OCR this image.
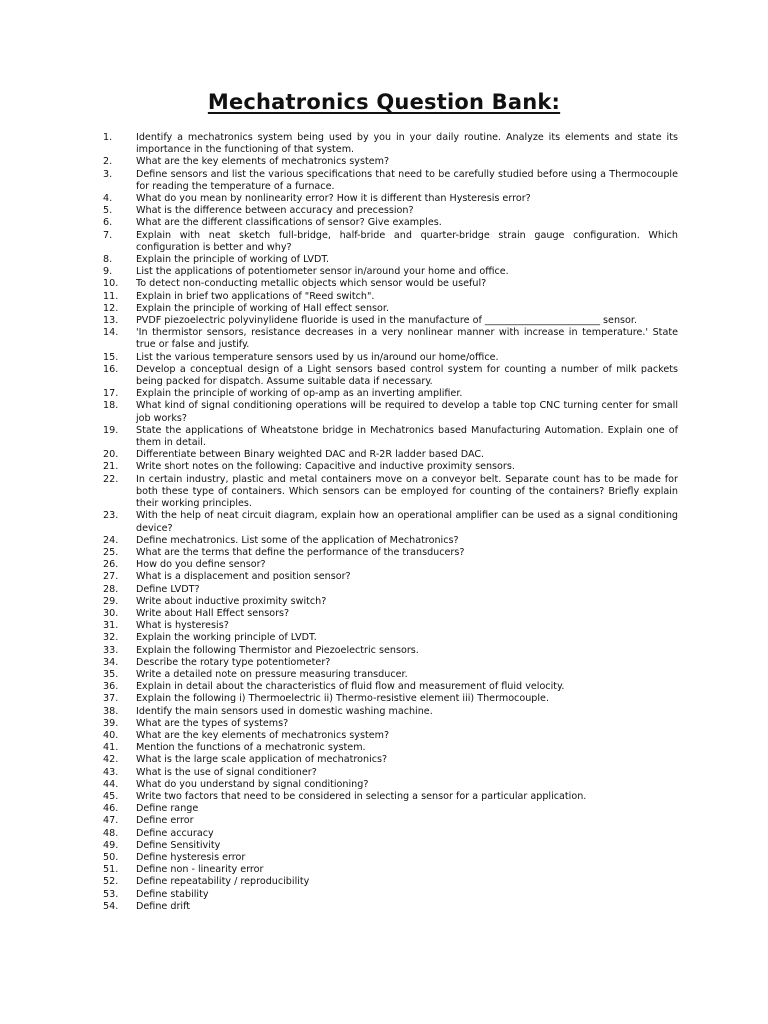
Mechatronics Question Bank:
1.	Identify a mechatronics system being used by you in your daily routine. Analyze its elements and state its importance in the functioning of that system.
2.	What are the key elements of mechatronics system?
3.	Define sensors and list the various specifications that need to be carefully studied before using a Thermocouple for reading the temperature of a furnace.
4.	What do you mean by nonlinearity error? How it is different than Hysteresis error?
5.	What is the difference between accuracy and precession?
6.	What are the different classifications of sensor? Give examples.
7.	Explain with neat sketch full-bridge, half-bride and quarter-bridge strain gauge configuration. Which configuration is better and why?
8.	Explain the principle of working of LVDT.
9.	List the applications of potentiometer sensor in/around your home and office.
10.	To detect non-conducting metallic objects which sensor would be useful?
11.	Explain in brief two applications of "Reed switch".
12.	Explain the principle of working of Hall effect sensor.
13.	PVDF piezoelectric polyvinylidene fluoride is used in the manufacture of ________________________ sensor.
14.	'In thermistor sensors, resistance decreases in a very nonlinear manner with increase in temperature.' State true or false and justify.
15.	List the various temperature sensors used by us in/around our home/office.
16.	Develop a conceptual design of a Light sensors based control system for counting a number of milk packets being packed for dispatch. Assume suitable data if necessary.
17.	Explain the principle of working of op-amp as an inverting amplifier.
18.	What kind of signal conditioning operations will be required to develop a table top CNC turning center for small job works?
19.	State the applications of Wheatstone bridge in Mechatronics based Manufacturing Automation. Explain one of them in detail.
20.	Differentiate between Binary weighted DAC and R-2R ladder based DAC.
21.	Write short notes on the following: Capacitive and inductive proximity sensors.
22.	In certain industry, plastic and metal containers move on a conveyor belt. Separate count has to be made for both these type of containers. Which sensors can be employed for counting of the containers? Briefly explain their working principles.
23.	With the help of neat circuit diagram, explain how an operational amplifier can be used as a signal conditioning device?
24.	Define mechatronics. List some of the application of Mechatronics?
25.	What are the terms that define the performance of the transducers?
26.	How do you define sensor?
27.	What is a displacement and position sensor?
28.	Define LVDT?
29.	Write about inductive proximity switch?
30.	Write about Hall Effect sensors?
31.	What is hysteresis?
32.	Explain the working principle of LVDT.
33.	Explain the following Thermistor and Piezoelectric sensors.
34.	Describe the rotary type potentiometer?
35.	Write a detailed note on pressure measuring transducer.
36.	Explain in detail about the characteristics of fluid flow and measurement of fluid velocity.
37.	Explain the following i) Thermoelectric ii) Thermo-resistive element iii) Thermocouple.
38.	Identify the main sensors used in domestic washing machine.
39.	What are the types of systems?
40.	What are the key elements of mechatronics system?
41.	Mention the functions of a mechatronic system.
42.	What is the large scale application of mechatronics?
43.	What is the use of signal conditioner?
44.	What do you understand by signal conditioning?
45.	Write two factors that need to be considered in selecting a sensor for a particular application.
46.	Define range
47.	Define error
48.	Define accuracy
49.	Define Sensitivity
50.	Define hysteresis error
51.	Define non - linearity error
52.	Define repeatability / reproducibility
53.	Define stability
54.	Define drift
